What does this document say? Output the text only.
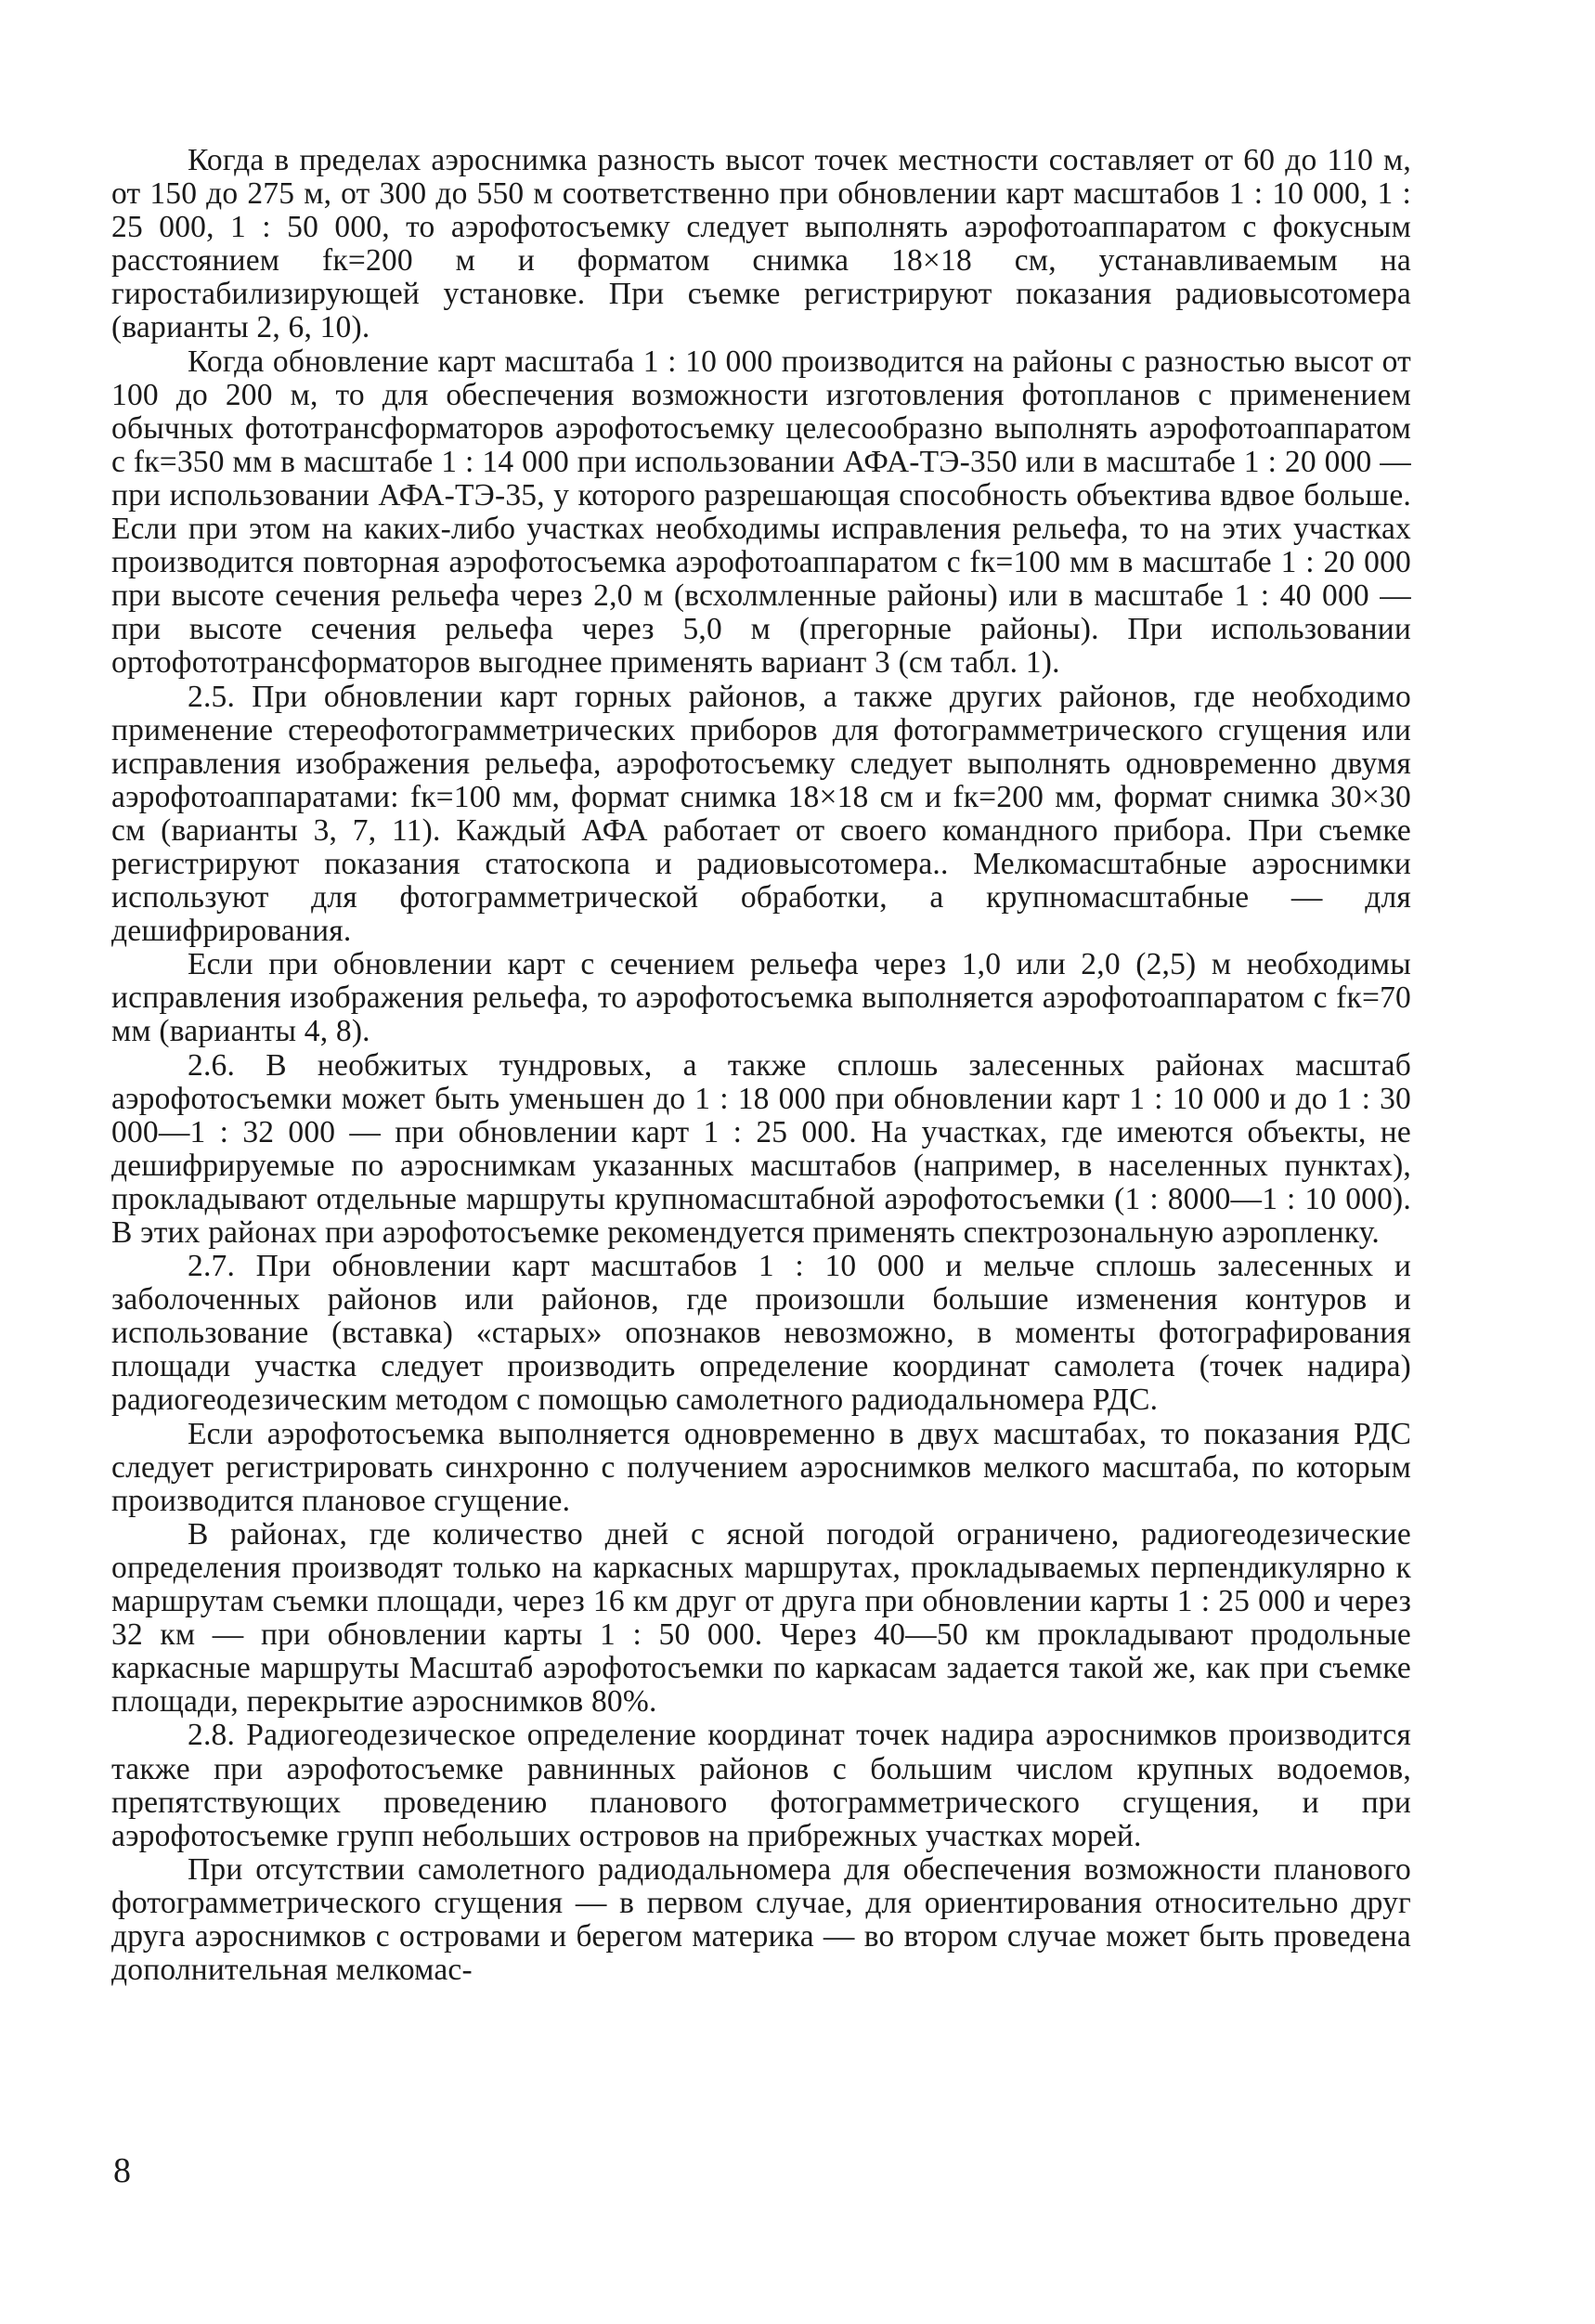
Когда в пределах аэроснимка разность высот точек местности составляет от 60 до 110 м, от 150 до 275 м, от 300 до 550 м соответственно при обновлении карт масштабов 1 : 10 000, 1 : 25 000, 1 : 50 000, то аэрофотосъемку следует выполнять аэрофотоаппаратом с фокусным расстоянием fк=200 м и форматом снимка 18×18 см, устанавливаемым на гиростабилизирующей установке. При съемке регистрируют показания радиовысотомера (варианты 2, 6, 10).

Когда обновление карт масштаба 1 : 10 000 производится на районы с разностью высот от 100 до 200 м, то для обеспечения возможности изготовления фотопланов с применением обычных фототрансформаторов аэрофотосъемку целесообразно выполнять аэрофотоаппаратом с fк=350 мм в масштабе 1 : 14 000 при использовании АФА-ТЭ-350 или в масштабе 1 : 20 000 — при использовании АФА-ТЭ-35, у которого разрешающая способность объектива вдвое больше. Если при этом на каких-либо участках необходимы исправления рельефа, то на этих участках производится повторная аэрофотосъемка аэрофотоаппаратом с fк=100 мм в масштабе 1 : 20 000 при высоте сечения рельефа через 2,0 м (всхолмленные районы) или в масштабе 1 : 40 000 — при высоте сечения рельефа через 5,0 м (прегорные районы). При использовании ортофототрансформаторов выгоднее применять вариант 3 (см табл. 1).

2.5. При обновлении карт горных районов, а также других районов, где необходимо применение стереофотограмметрических приборов для фотограмметрического сгущения или исправления изображения рельефа, аэрофотосъемку следует выполнять одновременно двумя аэрофотоаппаратами: fк=100 мм, формат снимка 18×18 см и fк=200 мм, формат снимка 30×30 см (варианты 3, 7, 11). Каждый АФА работает от своего командного прибора. При съемке регистрируют показания статоскопа и радиовысотомера.. Мелкомасштабные аэроснимки используют для фотограмметрической обработки, а крупномасштабные — для дешифрирования.

Если при обновлении карт с сечением рельефа через 1,0 или 2,0 (2,5) м необходимы исправления изображения рельефа, то аэрофотосъемка выполняется аэрофотоаппаратом с fк=70 мм (варианты 4, 8).

2.6. В необжитых тундровых, а также сплошь залесенных районах масштаб аэрофотосъемки может быть уменьшен до 1 : 18 000 при обновлении карт 1 : 10 000 и до 1 : 30 000—1 : 32 000 — при обновлении карт 1 : 25 000. На участках, где имеются объекты, не дешифрируемые по аэроснимкам указанных масштабов (например, в населенных пунктах), прокладывают отдельные маршруты крупномасштабной аэрофотосъемки (1 : 8000—1 : 10 000). В этих районах при аэрофотосъемке рекомендуется применять спектрозональную аэропленку.

2.7. При обновлении карт масштабов 1 : 10 000 и мельче сплошь залесенных и заболоченных районов или районов, где произошли большие изменения контуров и использование (вставка) «старых» опознаков невозможно, в моменты фотографирования площади участка следует производить определение координат самолета (точек надира) радиогеодезическим методом с помощью самолетного радиодальномера РДС.

Если аэрофотосъемка выполняется одновременно в двух масштабах, то показания РДС следует регистрировать синхронно с получением аэроснимков мелкого масштаба, по которым производится плановое сгущение.

В районах, где количество дней с ясной погодой ограничено, радиогеодезические определения производят только на каркасных маршрутах, прокладываемых перпендикулярно к маршрутам съемки площади, через 16 км друг от друга при обновлении карты 1 : 25 000 и через 32 км — при обновлении карты 1 : 50 000. Через 40—50 км прокладывают продольные каркасные маршруты Масштаб аэрофотосъемки по каркасам задается такой же, как при съемке площади, перекрытие аэроснимков 80%.

2.8. Радиогеодезическое определение координат точек надира аэроснимков производится также при аэрофотосъемке равнинных районов с большим числом крупных водоемов, препятствующих проведению планового фотограмметрического сгущения, и при аэрофотосъемке групп небольших островов на прибрежных участках морей.

При отсутствии самолетного радиодальномера для обеспечения возможности планового фотограмметрического сгущения — в первом случае, для ориентирования относительно друг друга аэроснимков с островами и берегом материка — во втором случае может быть проведена дополнительная мелкомас-

8
